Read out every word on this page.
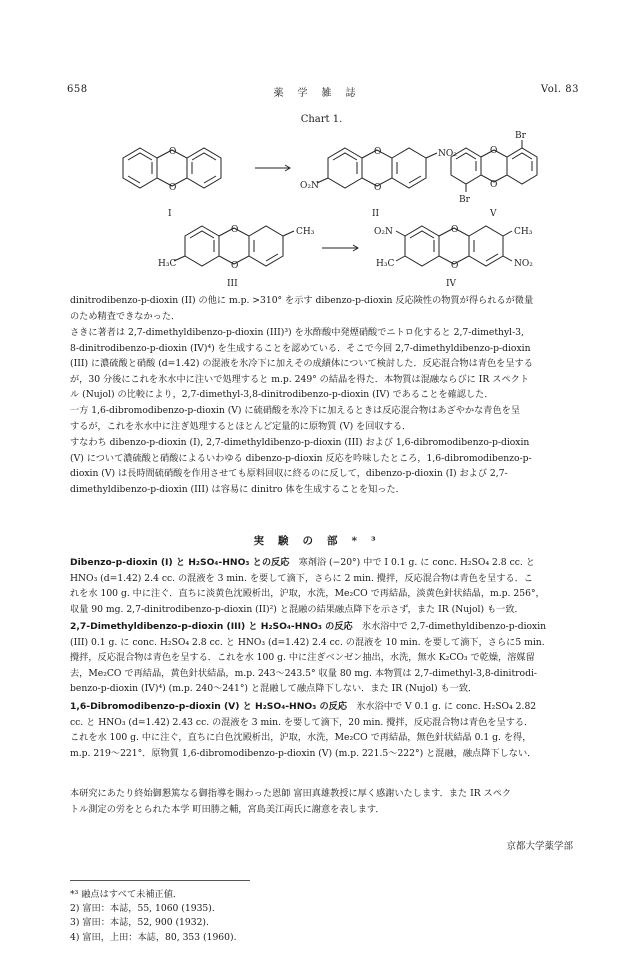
658	薬学雑誌	Vol. 83
Chart 1.
O
O
I
O
O
NO₂
O₂N
II
Br
Br
O
O
V
O
O
CH₃
H₃C
III
O
O
O₂N
H₃C
CH₃
NO₂
IV

dinitrodibenzo-p-dioxin (II) の他に m.p. >310° を示す dibenzo-p-dioxin 反応険性の物質が得られるが微量
のため精査できなかった．

さきに著者は 2,7-dimethyldibenzo-p-dioxin (III)³) を氷酢酸中発煙硝酸でニトロ化すると 2,7-dimethyl-3,
8-dinitrodibenzo-p-dioxin (IV)⁴) を生成することを認めている．そこで今回 2,7-dimethyldibenzo-p-dioxin
(III) に濃硫酸と硝酸 (d=1.42) の混液を氷冷下に加えその成績体について検討した．反応混合物は青色を呈する
が，30 分後にこれを氷水中に注いで処理すると m.p. 249° の結晶を得た．本物質は混融ならびに IR スペクト
ル (Nujol) の比較により，2,7-dimethyl-3,8-dinitrodibenzo-p-dioxin (IV) であることを確認した．

一方 1,6-dibromodibenzo-p-dioxin (V) に硫硝酸を氷冷下に加えるときは反応混合物はあざやかな青色を呈
するが，これを氷水中に注ぎ処理するとほとんど定量的に原物質 (V) を回収する．

すなわち dibenzo-p-dioxin (I), 2,7-dimethyldibenzo-p-dioxin (III) および 1,6-dibromodibenzo-p-dioxin
(V) について濃硫酸と硝酸によるいわゆる dibenzo-p-dioxin 反応を吟味したところ，1,6-dibromodibenzo-p-
dioxin (V) は長時間硫硝酸を作用させても原料回収に終るのに反して，dibenzo-p-dioxin (I) および 2,7-
dimethyldibenzo-p-dioxin (III) は容易に dinitro 体を生成することを知った．

実験の部*³

Dibenzo-p-dioxin (I) と H₂SO₄-HNO₃ との反応　寒剤浴 (−20°) 中で I 0.1 g. に conc. H₂SO₄ 2.8 cc. と
HNO₃ (d=1.42) 2.4 cc. の混液を 3 min. を要して滴下，さらに 2 min. 攪拌，反応混合物は青色を呈する．こ
れを水 100 g. 中に注ぐ．直ちに淡黄色沈殿析出，沪取，水洗，Me₂CO で再結晶，淡黄色針状結晶，m.p. 256°，
収量 90 mg. 2,7-dinitrodibenzo-p-dioxin (II)²) と混融の結果融点降下を示さず，また IR (Nujol) も一致．

2,7-Dimethyldibenzo-p-dioxin (III) と H₂SO₄-HNO₃ の反応　氷水浴中で 2,7-dimethyldibenzo-p-dioxin
(III) 0.1 g. に conc. H₂SO₄ 2.8 cc. と HNO₃ (d=1.42) 2.4 cc. の混液を 10 min. を要して滴下，さらに5 min.
攪拌，反応混合物は青色を呈する．これを水 100 g. 中に注ぎベンゼン抽出，水洗，無水 K₂CO₃ で乾燥，溶媒留
去，Me₂CO で再結晶，黄色針状結晶，m.p. 243〜243.5° 収量 80 mg. 本物質は 2,7-dimethyl-3,8-dinitrodi-
benzo-p-dioxin (IV)⁴) (m.p. 240〜241°) と混融して融点降下しない．また IR (Nujol) も一致．

1,6-Dibromodibenzo-p-dioxin (V) と H₂SO₄-HNO₃ の反応　氷水浴中で V 0.1 g. に conc. H₂SO₄ 2.82
cc. と HNO₃ (d=1.42) 2.43 cc. の混液を 3 min. を要して滴下，20 min. 攪拌，反応混合物は青色を呈する．
これを水 100 g. 中に注ぐ，直ちに白色沈殿析出，沪取，水洗，Me₂CO で再結晶，無色針状結晶 0.1 g. を得，
m.p. 219〜221°．原物質 1,6-dibromodibenzo-p-dioxin (V) (m.p. 221.5〜222°) と混融，融点降下しない．

本研究にあたり終始御懇篤なる御指導を賜わった恩師 富田真雄教授に厚く感謝いたします．また IR スペク
トル測定の労をとられた本学 町田勝之輔，宮島美江両氏に謝意を表します．

京都大学薬学部
*³ 融点はすべて未補正値．
2) 富田：本誌，55, 1060 (1935).
3) 富田：本誌，52, 900 (1932).
4) 富田，上田：本誌，80, 353 (1960).
